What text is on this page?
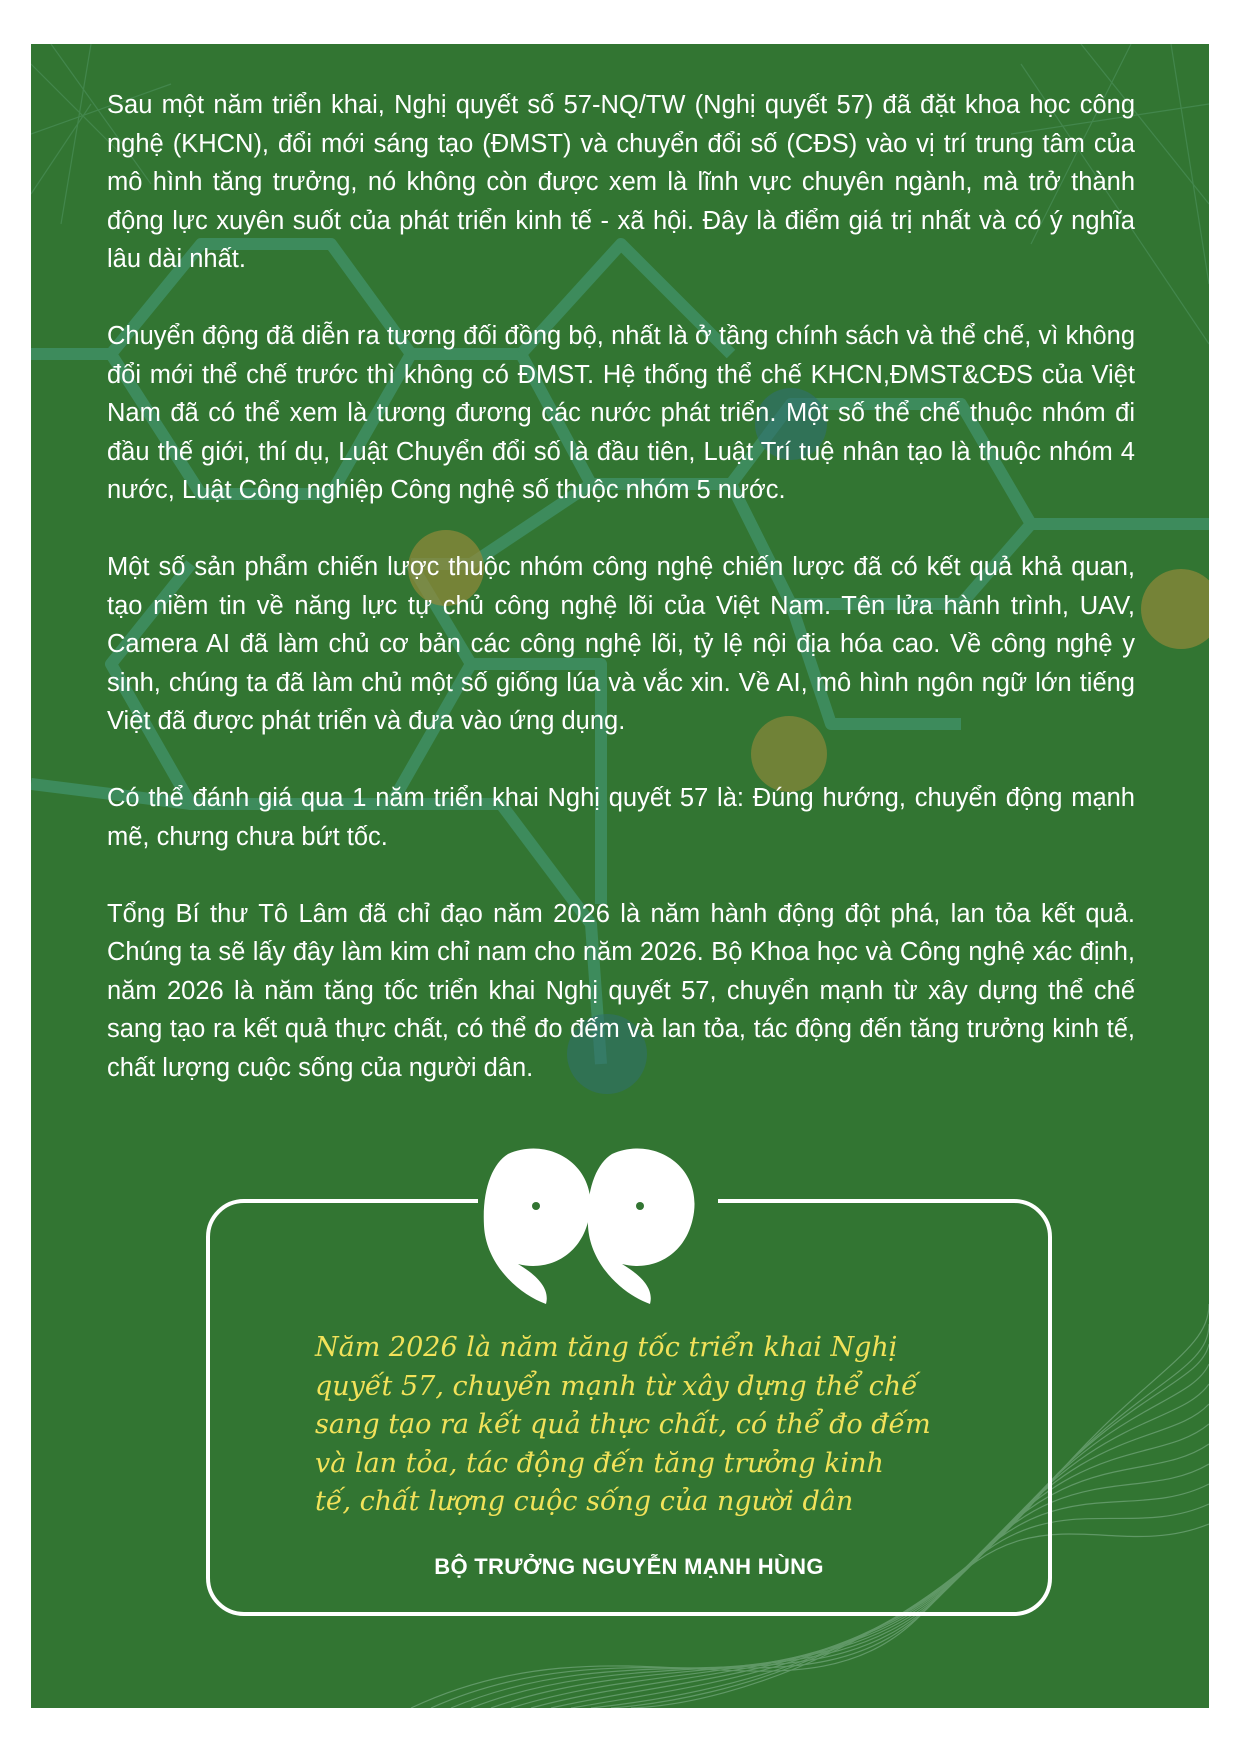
Sau một năm triển khai, Nghị quyết số 57-NQ/TW (Nghị quyết 57) đã đặt khoa học công nghệ (KHCN), đổi mới sáng tạo (ĐMST) và chuyển đổi số (CĐS) vào vị trí trung tâm của mô hình tăng trưởng, nó không còn được xem là lĩnh vực chuyên ngành, mà trở thành động lực xuyên suốt của phát triển kinh tế - xã hội. Đây là điểm giá trị nhất và có ý nghĩa lâu dài nhất.

Chuyển động đã diễn ra tương đối đồng bộ, nhất là ở tầng chính sách và thể chế, vì không đổi mới thể chế trước thì không có ĐMST. Hệ thống thể chế KHCN,ĐMST&CĐS của Việt Nam đã có thể xem là tương đương các nước phát triển. Một số thể chế thuộc nhóm đi đầu thế giới, thí dụ, Luật Chuyển đổi số là đầu tiên, Luật Trí tuệ nhân tạo là thuộc nhóm 4 nước, Luật Công nghiệp Công nghệ số thuộc nhóm 5 nước.

Một số sản phẩm chiến lược thuộc nhóm công nghệ chiến lược đã có kết quả khả quan, tạo niềm tin về năng lực tự chủ công nghệ lõi của Việt Nam. Tên lửa hành trình, UAV, Camera AI đã làm chủ cơ bản các công nghệ lõi, tỷ lệ nội địa hóa cao. Về công nghệ y sinh, chúng ta đã làm chủ một số giống lúa và vắc xin. Về AI, mô hình ngôn ngữ lớn tiếng Việt đã được phát triển và đưa vào ứng dụng.

Có thể đánh giá qua 1 năm triển khai Nghị quyết 57 là: Đúng hướng, chuyển động mạnh mẽ, chưng chưa bứt tốc.

Tổng Bí thư Tô Lâm đã chỉ đạo năm 2026 là năm hành động đột phá, lan tỏa kết quả. Chúng ta sẽ lấy đây làm kim chỉ nam cho năm 2026. Bộ Khoa học và Công nghệ xác định, năm 2026 là năm tăng tốc triển khai Nghị quyết 57, chuyển mạnh từ xây dựng thể chế sang tạo ra kết quả thực chất, có thể đo đếm và lan tỏa, tác động đến tăng trưởng kinh tế, chất lượng cuộc sống của người dân.

Năm 2026 là năm tăng tốc triển khai Nghị
quyết 57, chuyển mạnh từ xây dựng thể chế
sang tạo ra kết quả thực chất, có thể đo đếm
và lan tỏa, tác động đến tăng trưởng kinh
tế, chất lượng cuộc sống của người dân
BỘ TRƯỞNG NGUYỄN MẠNH HÙNG
